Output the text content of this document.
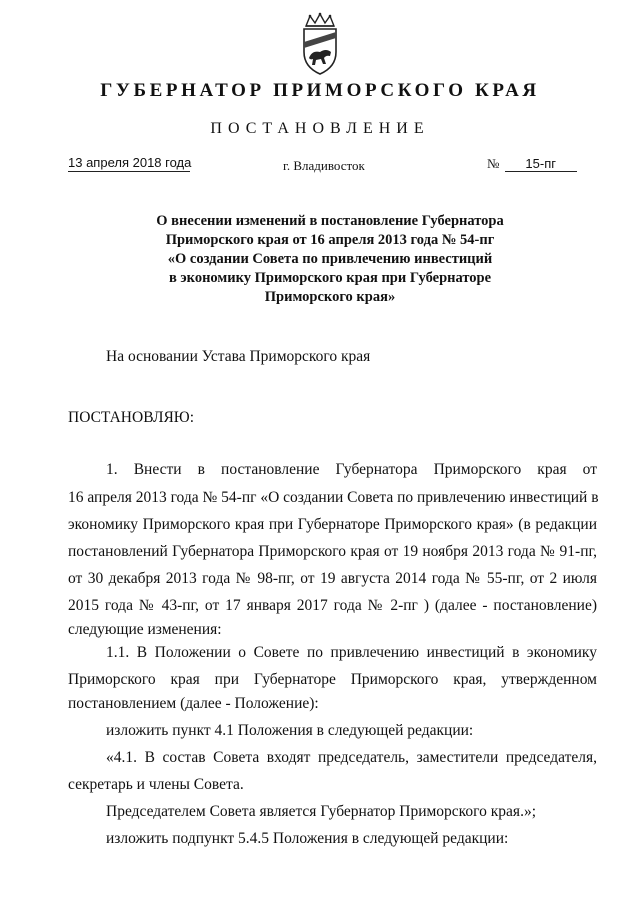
ГУБЕРНАТОР ПРИМОРСКОГО КРАЯ
ПОСТАНОВЛЕНИЕ
13 апреля 2018 года	г. Владивосток	№ 15-пг
О внесении изменений в постановление Губернатора
Приморского края от 16 апреля 2013 года № 54-пг
«О создании Совета по привлечению инвестиций
в экономику Приморского края при Губернаторе
Приморского края»
На основании Устава Приморского края
ПОСТАНОВЛЯЮ:
1. Внести в постановление Губернатора Приморского края от
16 апреля 2013 года № 54-пг «О создании Совета по привлечению инвестиций в
экономику Приморского края при Губернаторе Приморского края» (в редакции
постановлений Губернатора Приморского края от 19 ноября 2013 года № 91-пг,
от 30 декабря 2013 года № 98-пг, от 19 августа 2014 года № 55-пг, от 2 июля
2015 года № 43-пг, от 17 января 2017 года № 2-пг ) (далее - постановление)
следующие изменения:
1.1. В Положении о Совете по привлечению инвестиций в экономику
Приморского края при Губернаторе Приморского края, утвержденном
постановлением (далее - Положение):
изложить пункт 4.1 Положения в следующей редакции:
«4.1. В состав Совета входят председатель, заместители председателя,
секретарь и члены Совета.
Председателем Совета является Губернатор Приморского края.»;
изложить подпункт 5.4.5 Положения в следующей редакции:
